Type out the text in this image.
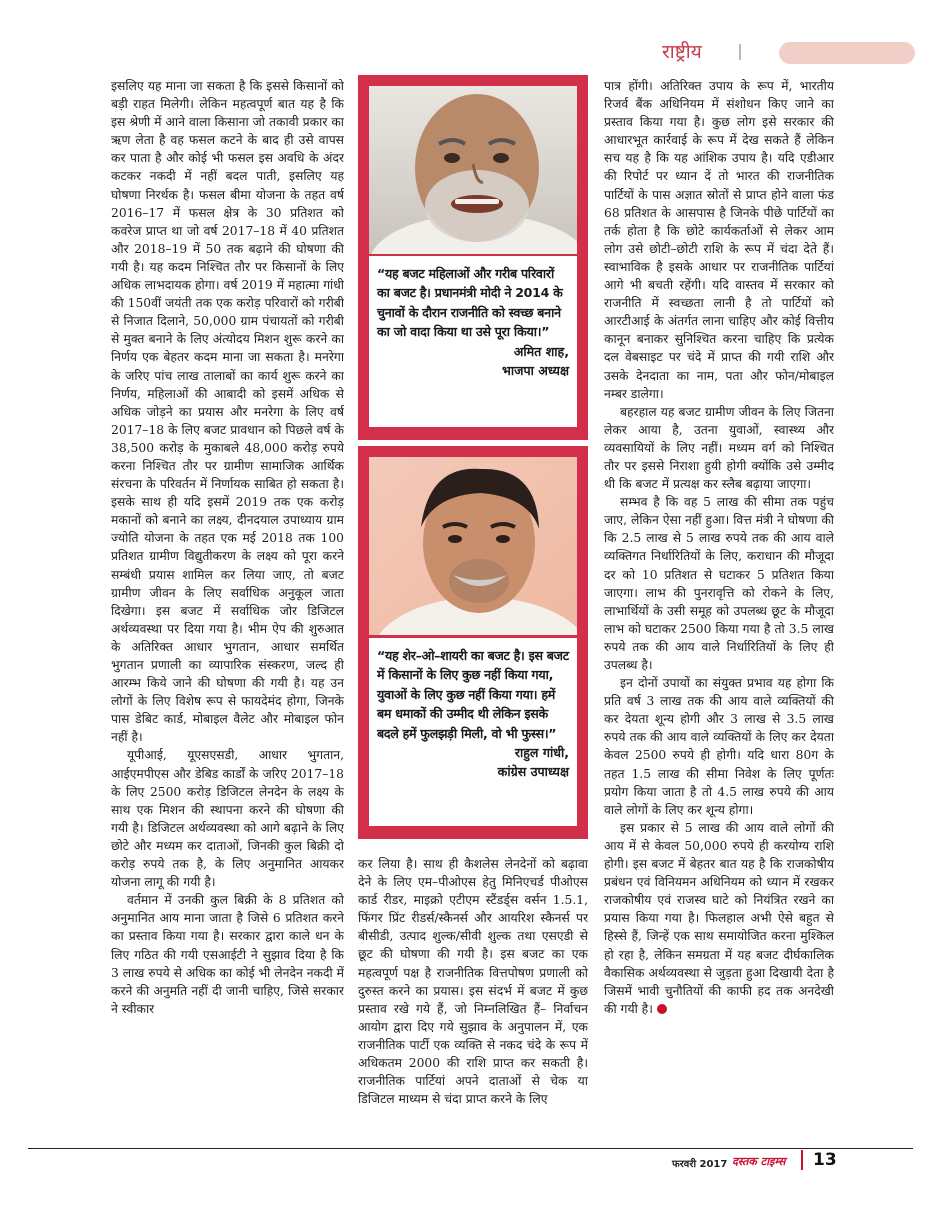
राष्ट्रीय

इसलिए यह माना जा सकता है कि इससे किसानों को बड़ी राहत मिलेगी। लेकिन महत्वपूर्ण बात यह है कि इस श्रेणी में आने वाला किसाना जो तकावी प्रकार का ऋण लेता है वह फसल कटने के बाद ही उसे वापस कर पाता है और कोई भी फसल इस अवधि के अंदर कटकर नकदी में नहीं बदल पाती, इसलिए यह घोषणा निरर्थक है। फसल बीमा योजना के तहत वर्ष 2016–17 में फसल क्षेत्र के 30 प्रतिशत को कवरेज प्राप्त था जो वर्ष 2017–18 में 40 प्रतिशत और 2018–19 में 50 तक बढ़ाने की घोषणा की गयी है। यह कदम निश्चित तौर पर किसानों के लिए अधिक लाभदायक होगा। वर्ष 2019 में महात्मा गांधी की 150वीं जयंती तक एक करोड़ परिवारों को गरीबी से निजात दिलाने, 50,000 ग्राम पंचायतों को गरीबी से मुक्त बनाने के लिए अंत्योदय मिशन शुरू करने का निर्णय एक बेहतर कदम माना जा सकता है। मनरेगा के जरिए पांच लाख तालाबों का कार्य शुरू करने का निर्णय, महिलाओं की आबादी को इसमें अधिक से अधिक जोड़ने का प्रयास और मनरेगा के लिए वर्ष 2017–18 के लिए बजट प्रावधान को पिछले वर्ष के 38,500 करोड़ के मुकाबले 48,000 करोड़ रुपये करना निश्चित तौर पर ग्रामीण सामाजिक आर्थिक संरचना के परिवर्तन में निर्णायक साबित हो सकता है। इसके साथ ही यदि इसमें 2019 तक एक करोड़ मकानों को बनाने का लक्ष्य, दीनदयाल उपाध्याय ग्राम ज्योति योजना के तहत एक मई 2018 तक 100 प्रतिशत ग्रामीण विद्युतीकरण के लक्ष्य को पूरा करने सम्बंधी प्रयास शामिल कर लिया जाए, तो बजट ग्रामीण जीवन के लिए सर्वाधिक अनुकूल जाता दिखेगा। इस बजट में सर्वाधिक जोर डिजिटल अर्थव्यवस्था पर दिया गया है। भीम ऐप की शुरुआत के अतिरिक्त आधार भुगतान, आधार समर्थित भुगतान प्रणाली का व्यापारिक संस्करण, जल्द ही आरम्भ किये जाने की घोषणा की गयी है। यह उन लोगों के लिए विशेष रूप से फायदेमंद होगा, जिनके पास डेबिट कार्ड, मोबाइल वैलेट और मोबाइल फोन नहीं है।

यूपीआई, यूएसएसडी, आधार भुगतान, आईएमपीएस और डेबिड कार्डों के जरिए 2017–18 के लिए 2500 करोड़ डिजिटल लेनदेन के लक्ष्य के साथ एक मिशन की स्थापना करने की घोषणा की गयी है। डिजिटल अर्थव्यवस्था को आगे बढ़ाने के लिए छोटे और मध्यम कर दाताओं, जिनकी कुल बिक्री दो करोड़ रुपये तक है, के लिए अनुमानित आयकर योजना लागू की गयी है।

वर्तमान में उनकी कुल बिक्री के 8 प्रतिशत को अनुमानित आय माना जाता है जिसे 6 प्रतिशत करने का प्रस्ताव किया गया है। सरकार द्वारा काले धन के लिए गठित की गयी एसआईटी ने सुझाव दिया है कि 3 लाख रुपये से अधिक का कोई भी लेनदेन नकदी में करने की अनुमति नहीं दी जानी चाहिए, जिसे सरकार ने स्वीकार

“यह बजट महिलाओं और गरीब परिवारों का बजट है। प्रधानमंत्री मोदी ने 2014 के चुनावों के दौरान राजनीति को स्वच्छ बनाने का जो वादा किया था उसे पूरा किया।”
अमित शाह,
भाजपा अध्यक्ष
“यह शेर–ओ–शायरी का बजट है। इस बजट में किसानों के लिए कुछ नहीं किया गया, युवाओं के लिए कुछ नहीं किया गया। हमें बम धमाकों की उम्मीद थी लेकिन इसके बदले हमें फुलझड़ी मिली, वो भी फुस्स।”
राहुल गांधी,
कांग्रेस उपाध्यक्ष

कर लिया है। साथ ही कैशलेस लेनदेनों को बढ़ावा देने के लिए एम–पीओएस हेतु मिनिएचर्ड पीओएस कार्ड रीडर, माइक्रो एटीएम स्टैंडर्ड्स वर्सन 1.5.1, फिंगर प्रिंट रीडर्स/स्कैनर्स और आयरिश स्कैनर्स पर बीसीडी, उत्पाद शुल्क/सीवी शुल्क तथा एसएडी से छूट की घोषणा की गयी है। इस बजट का एक महत्वपूर्ण पक्ष है राजनीतिक वित्तपोषण प्रणाली को दुरुस्त करने का प्रयास। इस संदर्भ में बजट में कुछ प्रस्ताव रखे गये हैं, जो निम्नलिखित हैं– निर्वाचन आयोग द्वारा दिए गये सुझाव के अनुपालन में, एक राजनीतिक पार्टी एक व्यक्ति से नकद चंदे के रूप में अधिकतम 2000 की राशि प्राप्त कर सकती है। राजनीतिक पार्टियां अपने दाताओं से चेक या डिजिटल माध्यम से चंदा प्राप्त करने के लिए

पात्र होंगी। अतिरिक्त उपाय के रूप में, भारतीय रिजर्व बैंक अधिनियम में संशोधन किए जाने का प्रस्ताव किया गया है। कुछ लोग इसे सरकार की आधारभूत कार्रवाई के रूप में देख सकते हैं लेकिन सच यह है कि यह आंशिक उपाय है। यदि एडीआर की रिपोर्ट पर ध्यान दें तो भारत की राजनीतिक पार्टियों के पास अज्ञात स्रोतों से प्राप्त होने वाला फंड 68 प्रतिशत के आसपास है जिनके पीछे पार्टियों का तर्क होता है कि छोटे कार्यकर्ताओं से लेकर आम लोग उसे छोटी–छोटी राशि के रूप में चंदा देते हैं। स्वाभाविक है इसके आधार पर राजनीतिक पार्टियां आगे भी बचती रहेंगी। यदि वास्तव में सरकार को राजनीति में स्वच्छता लानी है तो पार्टियों को आरटीआई के अंतर्गत लाना चाहिए और कोई वित्तीय कानून बनाकर सुनिश्चित करना चाहिए कि प्रत्येक दल वेबसाइट पर चंदे में प्राप्त की गयी राशि और उसके देनदाता का नाम, पता और फोन/मोबाइल नम्बर डालेगा।

बहरहाल यह बजट ग्रामीण जीवन के लिए जितना लेकर आया है, उतना युवाओं, स्वास्थ्य और व्यवसायियों के लिए नहीं। मध्यम वर्ग को निश्चित तौर पर इससे निराशा हुयी होगी क्योंकि उसे उम्मीद थी कि बजट में प्रत्यक्ष कर स्लैब बढ़ाया जाएगा।

सम्भव है कि वह 5 लाख की सीमा तक पहुंच जाए, लेकिन ऐसा नहीं हुआ। वित्त मंत्री ने घोषणा की कि 2.5 लाख से 5 लाख रुपये तक की आय वाले व्यक्तिगत निर्धारितियों के लिए, कराधान की मौजूदा दर को 10 प्रतिशत से घटाकर 5 प्रतिशत किया जाएगा। लाभ की पुनरावृत्ति को रोकने के लिए, लाभार्थियों के उसी समूह को उपलब्ध छूट के मौजूदा लाभ को घटाकर 2500 किया गया है तो 3.5 लाख रुपये तक की आय वाले निर्धारितियों के लिए ही उपलब्ध है।

इन दोनों उपायों का संयुक्त प्रभाव यह होगा कि प्रति वर्ष 3 लाख तक की आय वाले व्यक्तियों की कर देयता शून्य होगी और 3 लाख से 3.5 लाख रुपये तक की आय वाले व्यक्तियों के लिए कर देयता केवल 2500 रुपये ही होगी। यदि धारा 80ग के तहत 1.5 लाख की सीमा निवेश के लिए पूर्णतः प्रयोग किया जाता है तो 4.5 लाख रुपये की आय वाले लोगों के लिए कर शून्य होगा।

इस प्रकार से 5 लाख की आय वाले लोगों की आय में से केवल 50,000 रुपये ही करयोग्य राशि होगी। इस बजट में बेहतर बात यह है कि राजकोषीय प्रबंधन एवं विनियमन अधिनियम को ध्यान में रखकर राजकोषीय एवं राजस्व घाटे को नियंत्रित रखने का प्रयास किया गया है। फिलहाल अभी ऐसे बहुत से हिस्से हैं, जिन्हें एक साथ समायोजित करना मुश्किल हो रहा है, लेकिन समग्रता में यह बजट दीर्घकालिक वैकासिक अर्थव्यवस्था से जुड़ता हुआ दिखायी देता है जिसमें भावी चुनौतियों की काफी हद तक अनदेखी की गयी है।

फरवरी 2017 दस्तक टाइम्स 13
